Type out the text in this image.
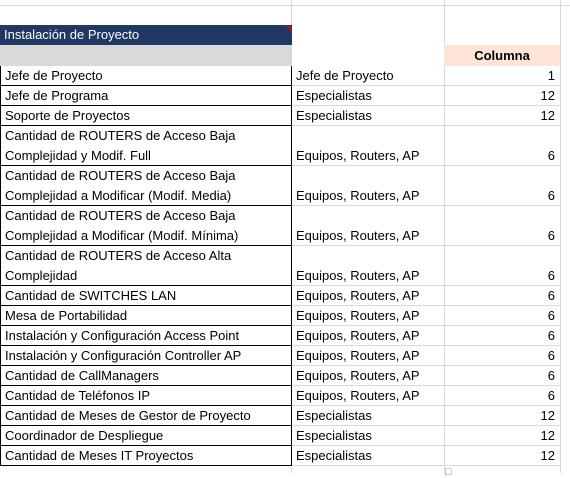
Instalación de Proyecto
Columna
Jefe de Proyecto	Jefe de Proyecto	1
Jefe de Programa	Especialistas	12
Soporte de Proyectos	Especialistas	12
Cantidad de ROUTERS de Acceso Baja
Complejidad y Modif. Full	Equipos, Routers, AP	6
Cantidad de ROUTERS de Acceso Baja
Complejidad a Modificar (Modif. Media)	Equipos, Routers, AP	6
Cantidad de ROUTERS de Acceso Baja
Complejidad a Modificar (Modif. Mínima)	Equipos, Routers, AP	6
Cantidad de ROUTERS de Acceso Alta
Complejidad	Equipos, Routers, AP	6
Cantidad de SWITCHES LAN	Equipos, Routers, AP	6
Mesa de Portabilidad	Equipos, Routers, AP	6
Instalación y Configuración Access Point	Equipos, Routers, AP	6
Instalación y Configuración Controller AP	Equipos, Routers, AP	6
Cantidad de CallManagers	Equipos, Routers, AP	6
Cantidad de Teléfonos IP	Equipos, Routers, AP	6
Cantidad de Meses de Gestor de Proyecto	Especialistas	12
Coordinador de Despliegue	Especialistas	12
Cantidad de Meses IT Proyectos	Especialistas	12
□
